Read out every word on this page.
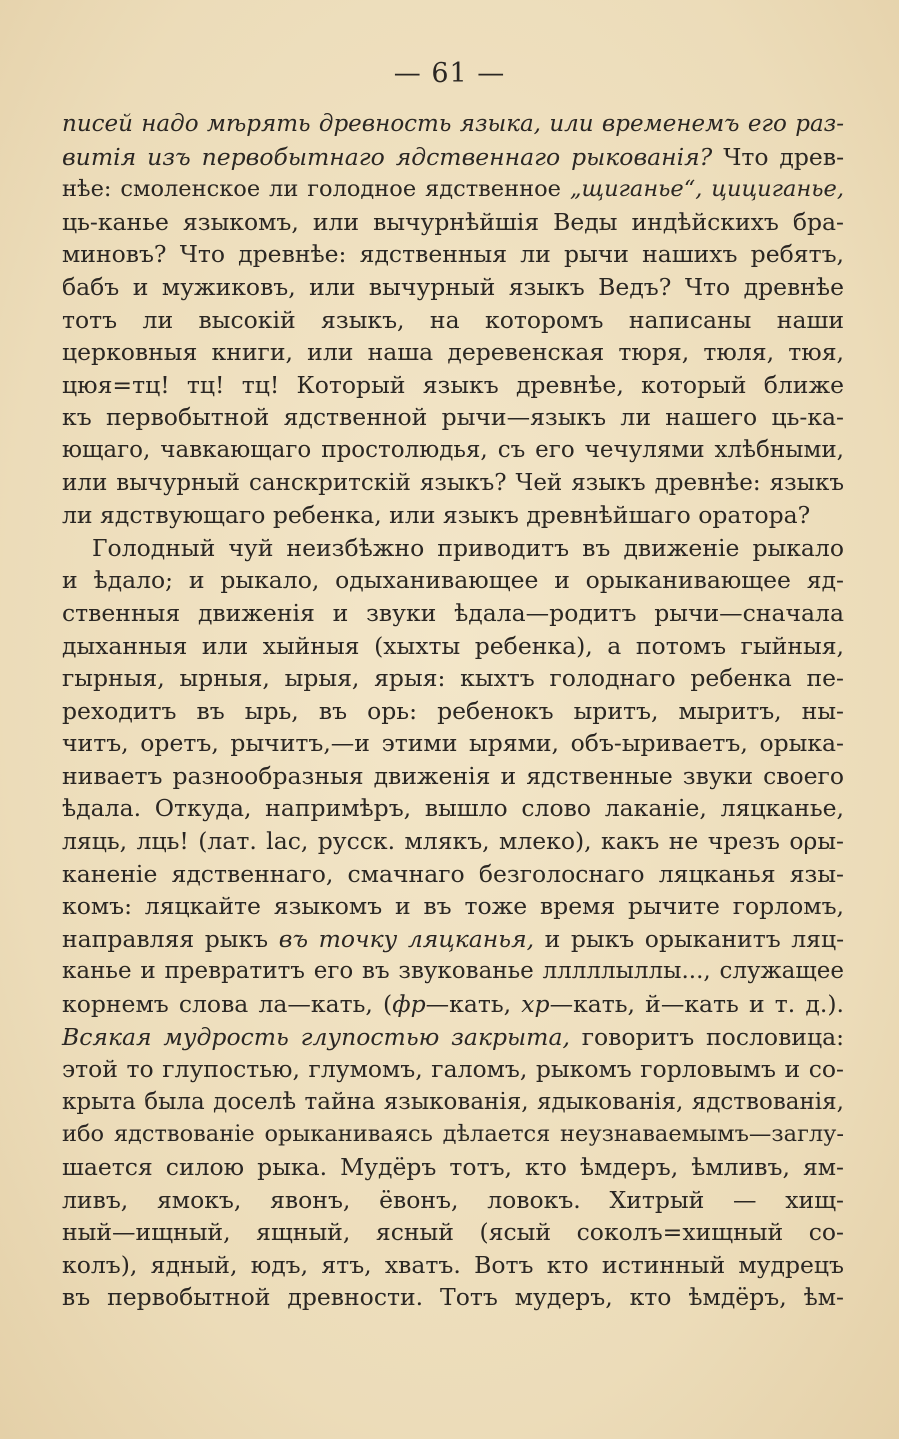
— 61 —
писей надо мѣрять древность языка, или временемъ его раз-
витія изъ первобытнаго ядственнаго рыкованія? Что древ-
нѣе: смоленское ли голодное ядственное „щиганье“, цициганье,
ць-канье языкомъ, или вычурнѣйшія Веды индѣйскихъ бра-
миновъ? Что древнѣе: ядственныя ли рычи нашихъ ребятъ,
бабъ и мужиковъ, или вычурный языкъ Ведъ? Что древнѣе
тотъ ли высокій языкъ, на которомъ написаны наши
церковныя книги, или наша деревенская тюря, тюля, тюя,
цюя=тц! тц! тц! Который языкъ древнѣе, который ближе
къ первобытной ядственной рычи—языкъ ли нашего ць-ка-
ющаго, чавкающаго простолюдья, съ его чечулями хлѣбными,
или вычурный санскритскій языкъ? Чей языкъ древнѣе: языкъ
ли ядствующаго ребенка, или языкъ древнѣйшаго оратора?
Голодный чуй неизбѣжно приводитъ въ движеніе рыкало
и ѣдало; и рыкало, одыханивающее и орыканивающее яд-
ственныя движенія и звуки ѣдала—родитъ рычи—сначала
дыханныя или хыйныя (хыхты ребенка), а потомъ гыйныя,
гырныя, ырныя, ырыя, ярыя: кыхтъ голоднаго ребенка пе-
реходитъ въ ырь, въ орь: ребенокъ ыритъ, мыритъ, ны-
читъ, оретъ, рычитъ,—и этими ырями, объ-ыриваетъ, орыка-
ниваетъ разнообразныя движенія и ядственные звуки своего
ѣдала. Откуда, напримѣръ, вышло слово лаканіе, ляцканье,
ляць, лць! (лат. lac, русск. млякъ, млеко), какъ не чрезъ ορы-
каненіе ядственнаго, смачнаго безголоснаго ляцканья язы-
комъ: ляцкайте языкомъ и въ тоже время рычите горломъ,
направляя рыкъ въ точку ляцканья, и рыкъ орыканитъ ляц-
канье и превратитъ его въ звукованье лллллыллы..., служащее
корнемъ слова ла—кать, (фр—кать, хр—кать, й—кать и т. д.).
Всякая мудрость глупостью закрыта, говоритъ пословица:
этой то глупостью, глумомъ, галомъ, рыкомъ горловымъ и со-
крыта была доселѣ тайна языкованія, ядыкованія, ядствованія,
ибо ядствованіе орыканиваясь дѣлается неузнаваемымъ—заглу-
шается силою рыка. Мудёръ тотъ, кто ѣмдеръ, ѣмливъ, ям-
ливъ, ямокъ, явонъ, ёвонъ, ловокъ. Хитрый — хищ-
ный—ищный, ящный, ясный (ясый соколъ=хищный со-
колъ), ядный, юдъ, ятъ, хватъ. Вотъ кто истинный мудрецъ
въ первобытной древности. Тотъ мудеръ, кто ѣмдёръ, ѣм-
